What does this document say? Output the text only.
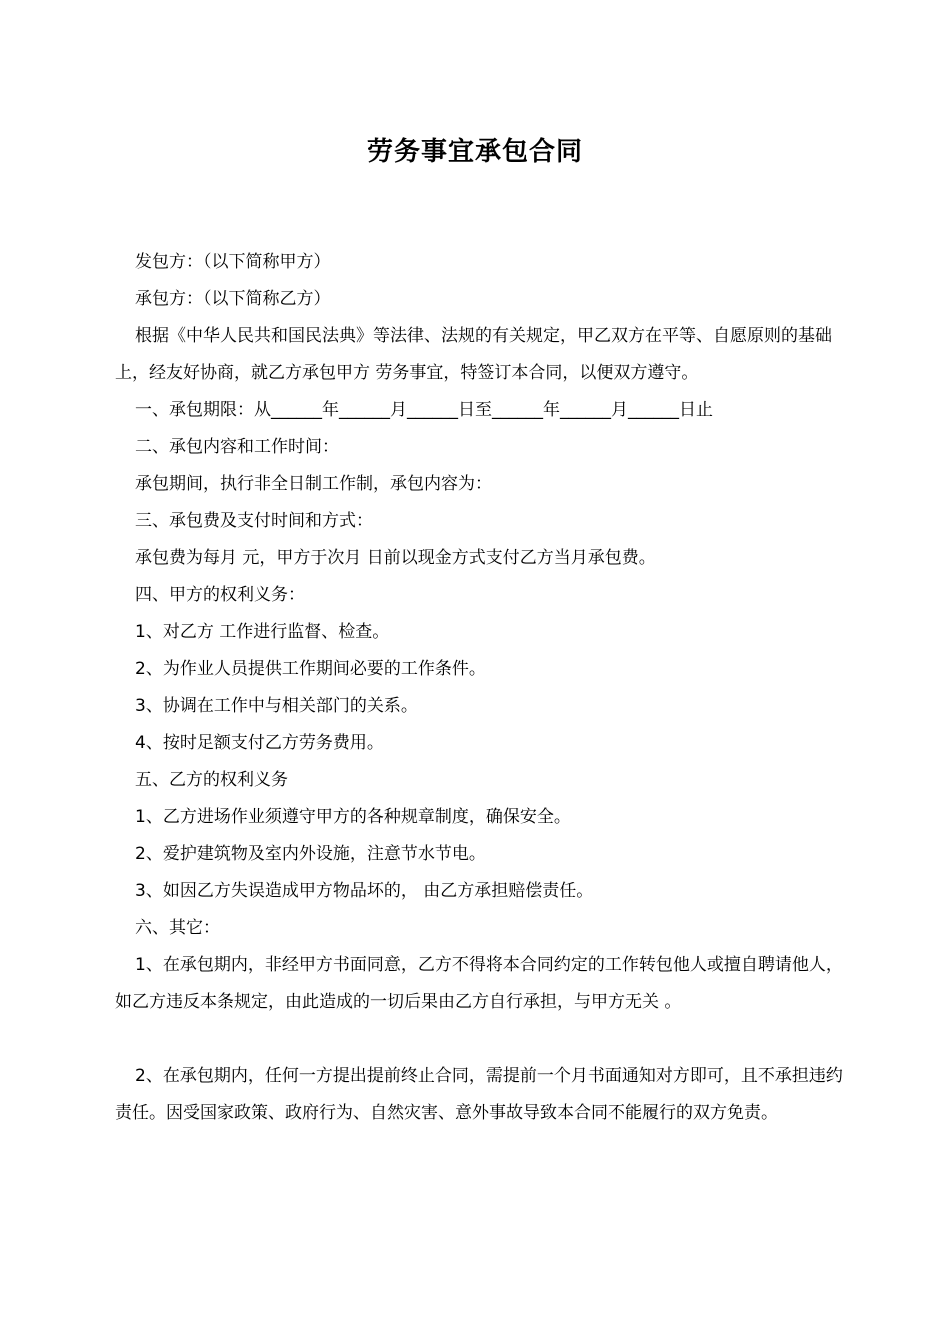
劳务事宜承包合同

发包方：（以下简称甲方）

承包方：（以下简称乙方）

根据《中华人民共和国民法典》等法律、法规的有关规定，甲乙双方在平等、自愿原则的基础上，经友好协商，就乙方承包甲方 劳务事宜，特签订本合同，以便双方遵守。

一、承包期限：从______年______月______日至______年______月______日止

二、承包内容和工作时间：

承包期间，执行非全日制工作制，承包内容为：

三、承包费及支付时间和方式：

承包费为每月 元，甲方于次月 日前以现金方式支付乙方当月承包费。

四、甲方的权利义务：

1、对乙方 工作进行监督、检查。

2、为作业人员提供工作期间必要的工作条件。

3、协调在工作中与相关部门的关系。

4、按时足额支付乙方劳务费用。

五、乙方的权利义务

1、乙方进场作业须遵守甲方的各种规章制度，确保安全。

2、爱护建筑物及室内外设施，注意节水节电。

3、如因乙方失误造成甲方物品坏的， 由乙方承担赔偿责任。

六、其它：

1、在承包期内，非经甲方书面同意，乙方不得将本合同约定的工作转包他人或擅自聘请他人，如乙方违反本条规定，由此造成的一切后果由乙方自行承担，与甲方无关 。

2、在承包期内，任何一方提出提前终止合同，需提前一个月书面通知对方即可，且不承担违约责任。因受国家政策、政府行为、自然灾害、意外事故导致本合同不能履行的双方免责。
